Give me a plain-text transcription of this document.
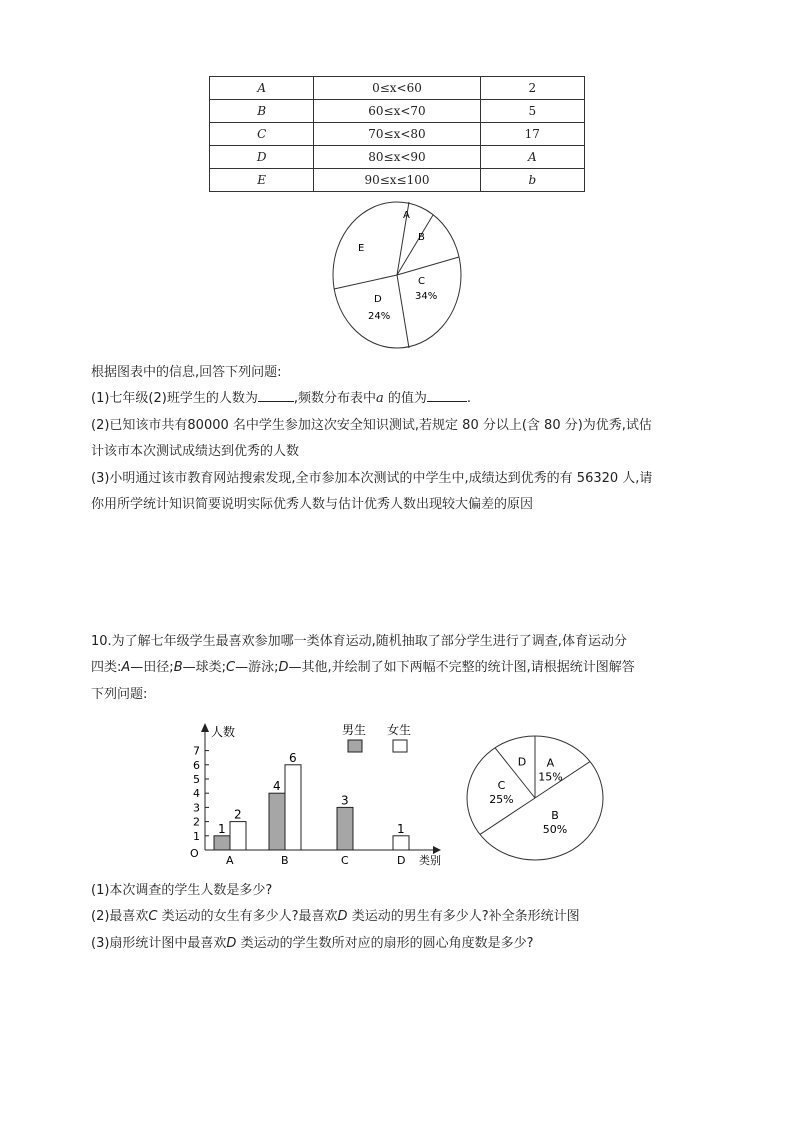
A	0≤x<60	2
B	60≤x<70	5
C	70≤x<80	17
D	80≤x<90	A
E	90≤x≤100	b
A
B
C
34%
D
24%
E
根据图表中的信息,回答下列问题:
(1)七年级(2)班学生的人数为	,频数分布表中a 的值为	.
(2)已知该市共有80000 名中学生参加这次安全知识测试,若规定 80 分以上(含 80 分)为优秀,试估
计该市本次测试成绩达到优秀的人数
(3)小明通过该市教育网站搜索发现,全市参加本次测试的中学生中,成绩达到优秀的有 56320 人,请
你用所学统计知识简要说明实际优秀人数与估计优秀人数出现较大偏差的原因
10.为了解七年级学生最喜欢参加哪一类体育运动,随机抽取了部分学生进行了调查,体育运动分
四类:A—田径;B—球类;C—游泳;D—其他,并绘制了如下两幅不完整的统计图,请根据统计图解答
下列问题:
人数
类别
O
1
2
3
4
5
6
7
A	B	C	D
1
4
3
2
6
1
男生 女生
A
15%
B
50%
C
25%
D
(1)本次调查的学生人数是多少?
(2)最喜欢C 类运动的女生有多少人?最喜欢D 类运动的男生有多少人?补全条形统计图
(3)扇形统计图中最喜欢D 类运动的学生数所对应的扇形的圆心角度数是多少?
